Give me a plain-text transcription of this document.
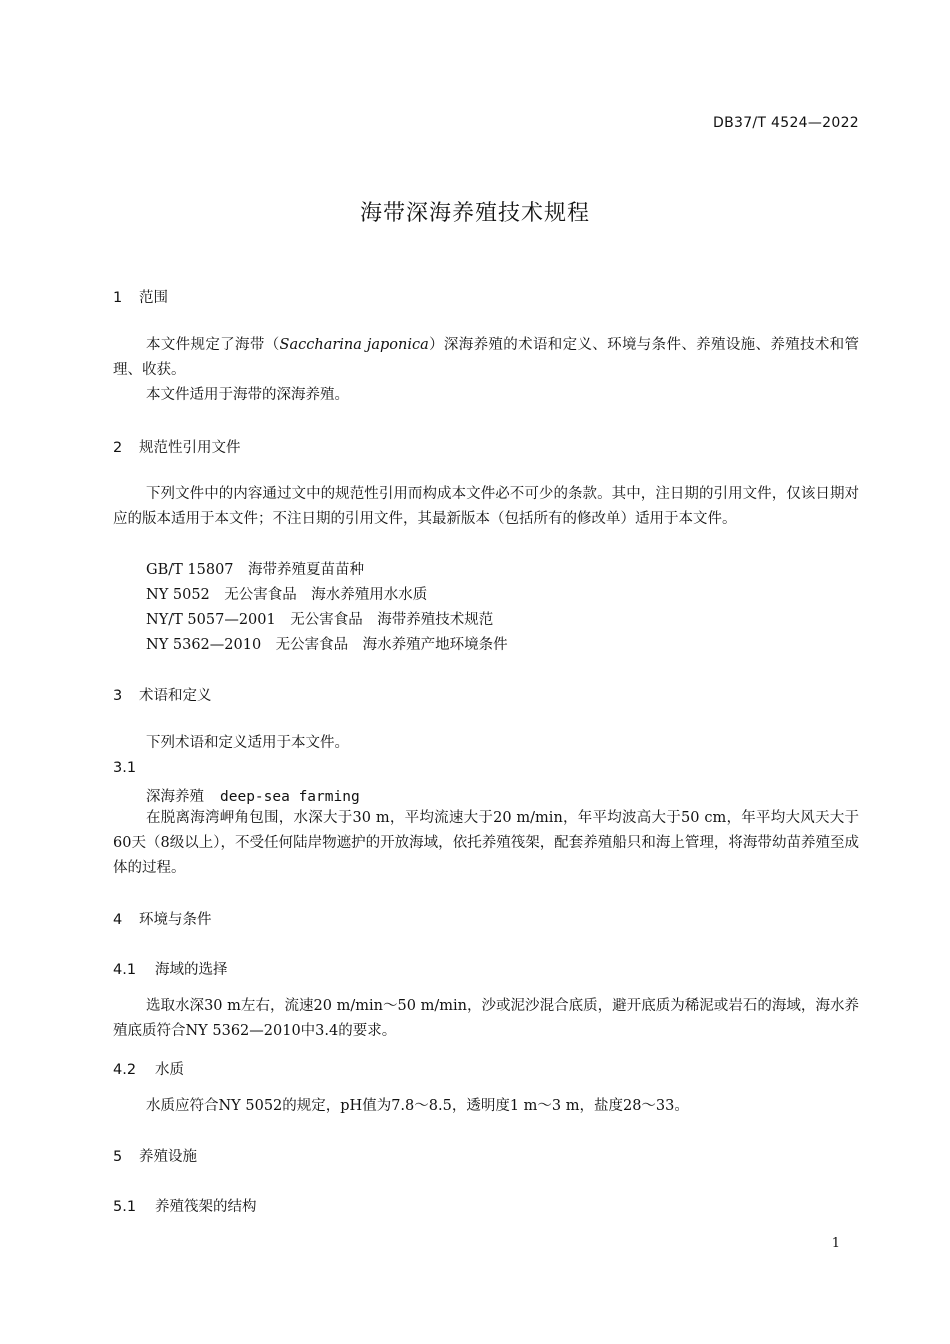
DB37/T 4524—2022
海带深海养殖技术规程
1 范围

本文件规定了海带（Saccharina japonica）深海养殖的术语和定义、环境与条件、养殖设施、养殖技术和管理、收获。

本文件适用于海带的深海养殖。

2 规范性引用文件

下列文件中的内容通过文中的规范性引用而构成本文件必不可少的条款。其中，注日期的引用文件，仅该日期对应的版本适用于本文件；不注日期的引用文件，其最新版本（包括所有的修改单）适用于本文件。

GB/T 15807　海带养殖夏苗苗种
NY 5052　无公害食品　海水养殖用水水质
NY/T 5057—2001　无公害食品　海带养殖技术规范
NY 5362—2010　无公害食品　海水养殖产地环境条件
3 术语和定义

下列术语和定义适用于本文件。

3.1
深海养殖 deep-sea farming

在脱离海湾岬角包围，水深大于30 m，平均流速大于20 m/min，年平均波高大于50 cm，年平均大风天大于60天（8级以上），不受任何陆岸物遮护的开放海域，依托养殖筏架，配套养殖船只和海上管理，将海带幼苗养殖至成体的过程。

4 环境与条件
4.1 海域的选择

选取水深30 m左右，流速20 m/min～50 m/min，沙或泥沙混合底质，避开底质为稀泥或岩石的海域，海水养殖底质符合NY 5362—2010中3.4的要求。

4.2 水质

水质应符合NY 5052的规定，pH值为7.8～8.5，透明度1 m～3 m，盐度28～33。

5 养殖设施
5.1 养殖筏架的结构
1
